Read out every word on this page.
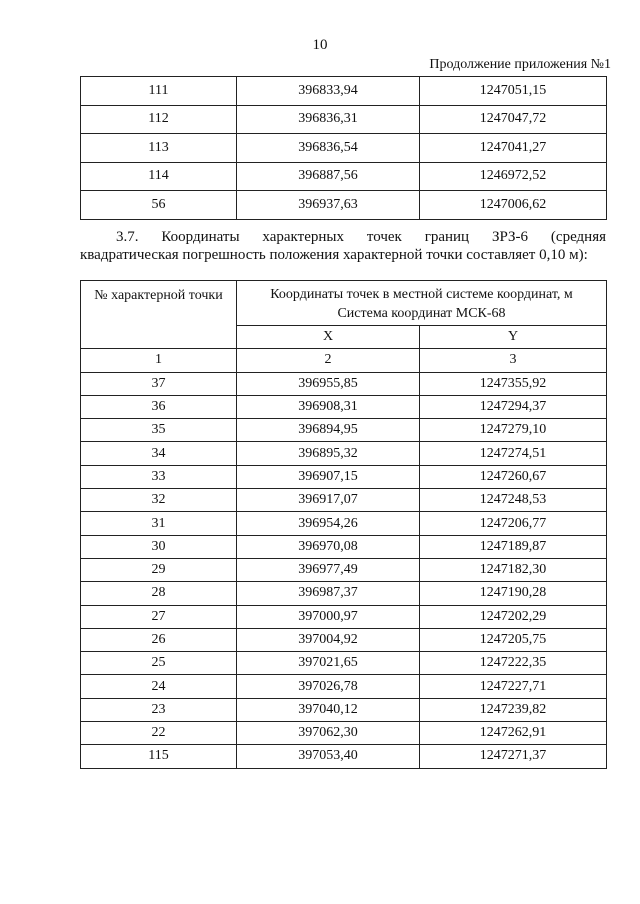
10
Продолжение приложения №1
111	396833,94	1247051,15
112	396836,31	1247047,72
113	396836,54	1247041,27
114	396887,56	1246972,52
56	396937,63	1247006,62
3.7. Координаты характерных точек границ ЗРЗ-6 (средняя
квадратическая погрешность положения характерной точки составляет 0,10 м):
№ характерной точки	Координаты точек в местной системе координат, м
Система координат МСК-68	

	X	Y
1	2	3
37	396955,85	1247355,92
36	396908,31	1247294,37
35	396894,95	1247279,10
34	396895,32	1247274,51
33	396907,15	1247260,67
32	396917,07	1247248,53
31	396954,26	1247206,77
30	396970,08	1247189,87
29	396977,49	1247182,30
28	396987,37	1247190,28
27	397000,97	1247202,29
26	397004,92	1247205,75
25	397021,65	1247222,35
24	397026,78	1247227,71
23	397040,12	1247239,82
22	397062,30	1247262,91
115	397053,40	1247271,37
